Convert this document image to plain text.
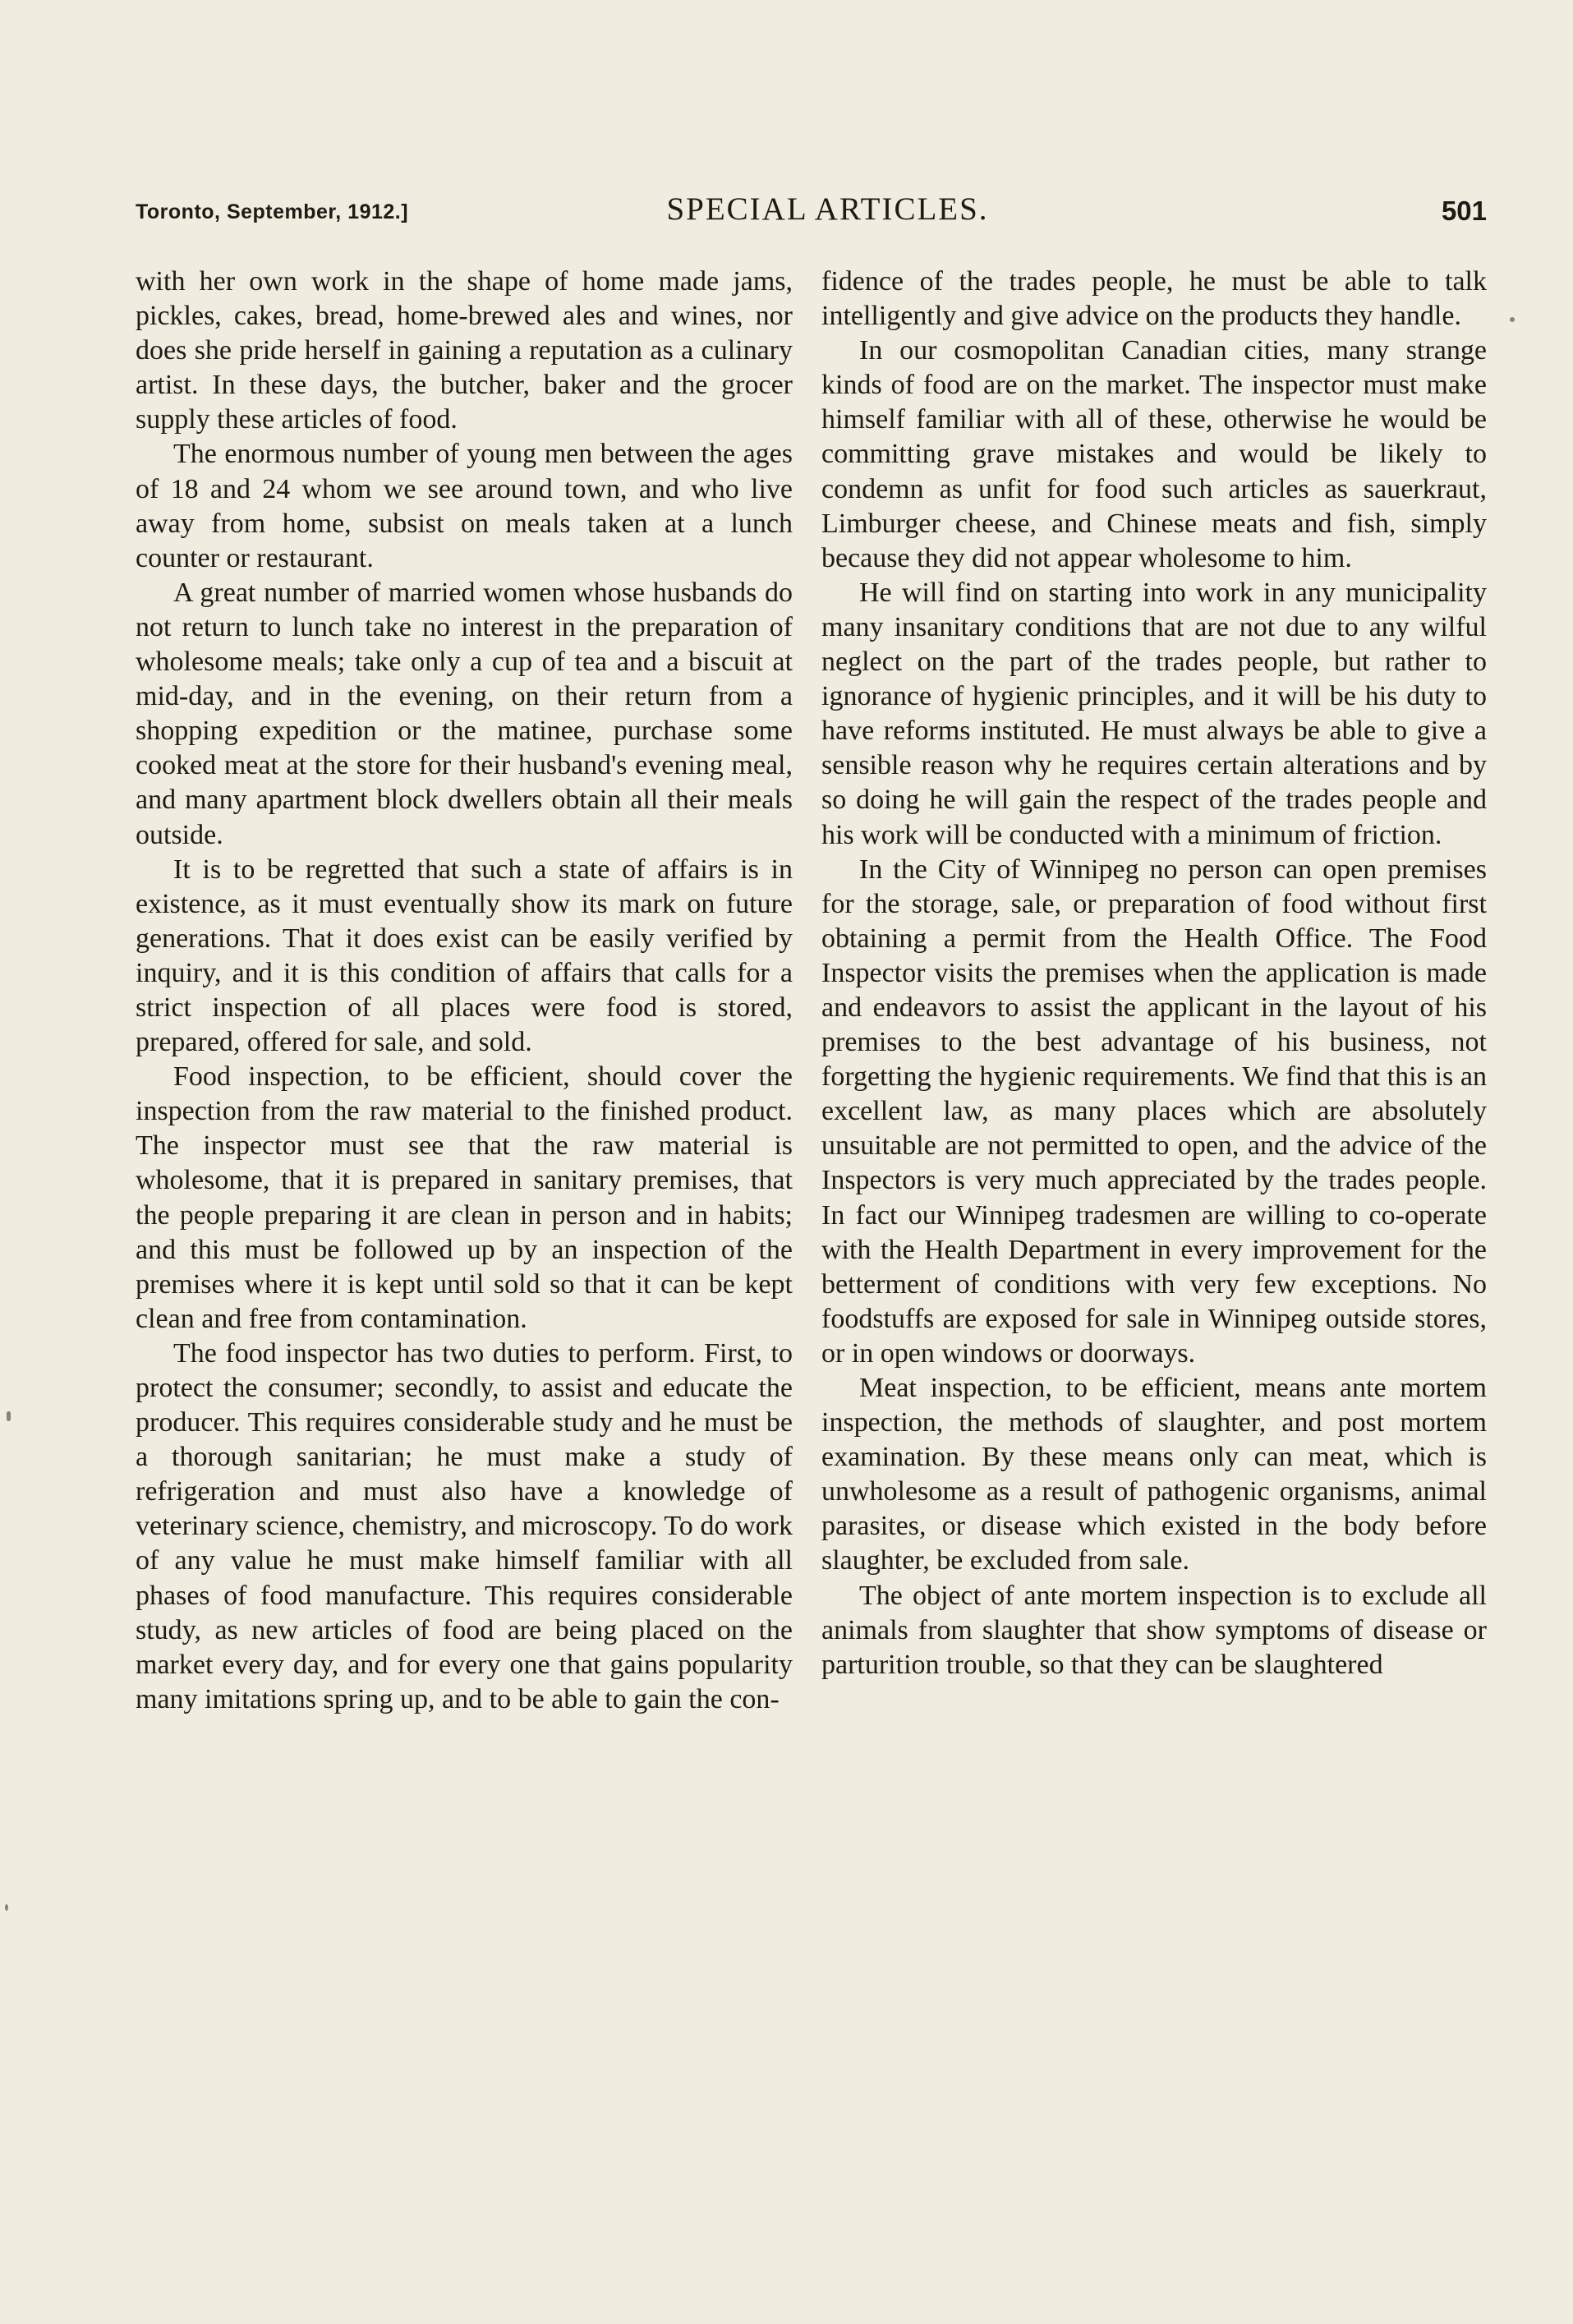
Toronto, September, 1912.]	SPECIAL ARTICLES.	501

with her own work in the shape of home made jams, pickles, cakes, bread, home-brewed ales and wines, nor does she pride herself in gaining a reputation as a culinary artist. In these days, the butcher, baker and the grocer supply these articles of food.

The enormous number of young men between the ages of 18 and 24 whom we see around town, and who live away from home, subsist on meals taken at a lunch counter or restaurant.

A great number of married women whose husbands do not return to lunch take no interest in the preparation of wholesome meals; take only a cup of tea and a biscuit at mid-day, and in the evening, on their return from a shopping expedition or the matinee, purchase some cooked meat at the store for their husband's evening meal, and many apartment block dwellers obtain all their meals outside.

It is to be regretted that such a state of affairs is in existence, as it must eventually show its mark on future generations. That it does exist can be easily verified by inquiry, and it is this condition of affairs that calls for a strict inspection of all places were food is stored, prepared, offered for sale, and sold.

Food inspection, to be efficient, should cover the inspection from the raw material to the finished product. The inspector must see that the raw material is wholesome, that it is prepared in sanitary premises, that the people preparing it are clean in person and in habits; and this must be followed up by an inspection of the premises where it is kept until sold so that it can be kept clean and free from contamination.

The food inspector has two duties to perform. First, to protect the consumer; secondly, to assist and educate the producer. This requires considerable study and he must be a thorough sanitarian; he must make a study of refrigeration and must also have a knowledge of veterinary science, chemistry, and microscopy. To do work of any value he must make himself familiar with all phases of food manufacture. This requires considerable study, as new articles of food are being placed on the market every day, and for every one that gains popularity many imitations spring up, and to be able to gain the con-

fidence of the trades people, he must be able to talk intelligently and give advice on the products they handle.

In our cosmopolitan Canadian cities, many strange kinds of food are on the market. The inspector must make himself familiar with all of these, otherwise he would be committing grave mistakes and would be likely to condemn as unfit for food such articles as sauerkraut, Limburger cheese, and Chinese meats and fish, simply because they did not appear wholesome to him.

He will find on starting into work in any municipality many insanitary conditions that are not due to any wilful neglect on the part of the trades people, but rather to ignorance of hygienic principles, and it will be his duty to have reforms instituted. He must always be able to give a sensible reason why he requires certain alterations and by so doing he will gain the respect of the trades people and his work will be conducted with a minimum of friction.

In the City of Winnipeg no person can open premises for the storage, sale, or preparation of food without first obtaining a permit from the Health Office. The Food Inspector visits the premises when the application is made and endeavors to assist the applicant in the layout of his premises to the best advantage of his business, not forgetting the hygienic requirements. We find that this is an excellent law, as many places which are absolutely unsuitable are not permitted to open, and the advice of the Inspectors is very much appreciated by the trades people. In fact our Winnipeg tradesmen are willing to co-operate with the Health Department in every improvement for the betterment of conditions with very few exceptions. No foodstuffs are exposed for sale in Winnipeg outside stores, or in open windows or doorways.

Meat inspection, to be efficient, means ante mortem inspection, the methods of slaughter, and post mortem examination. By these means only can meat, which is unwholesome as a result of pathogenic organisms, animal parasites, or disease which existed in the body before slaughter, be excluded from sale.

The object of ante mortem inspection is to exclude all animals from slaughter that show symptoms of disease or parturition trouble, so that they can be slaughtered
